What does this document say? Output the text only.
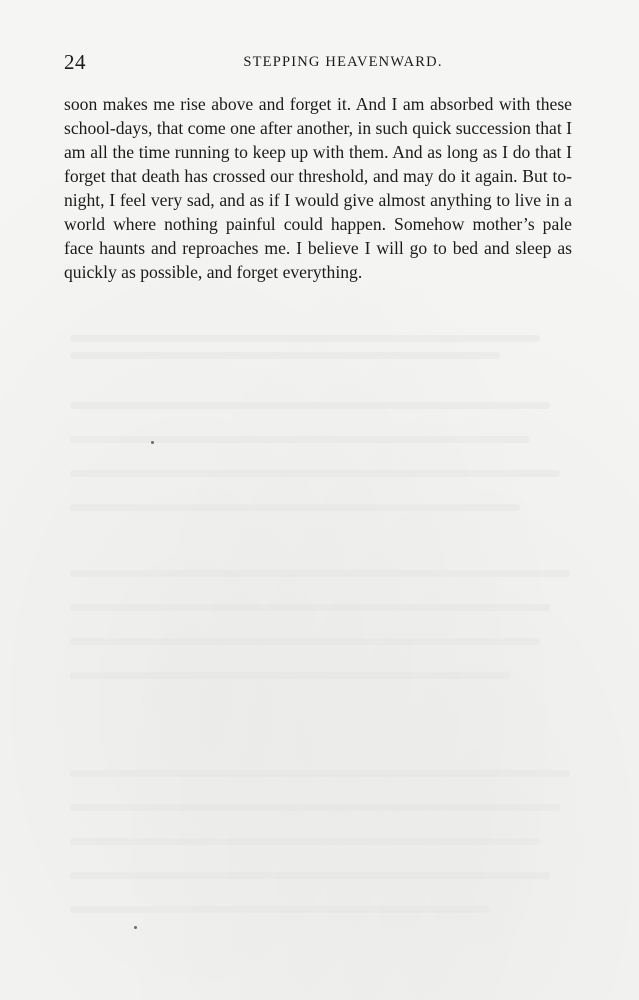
24	STEPPING HEAVENWARD.

soon makes me rise above and forget it. And I am absorbed with these school-days, that come one after another, in such quick succession that I am all the time running to keep up with them. And as long as I do that I forget that death has crossed our threshold, and may do it again. But to-night, I feel very sad, and as if I would give almost anything to live in a world where nothing painful could happen. Somehow mother’s pale face haunts and reproaches me. I believe I will go to bed and sleep as quickly as possible, and forget everything.
